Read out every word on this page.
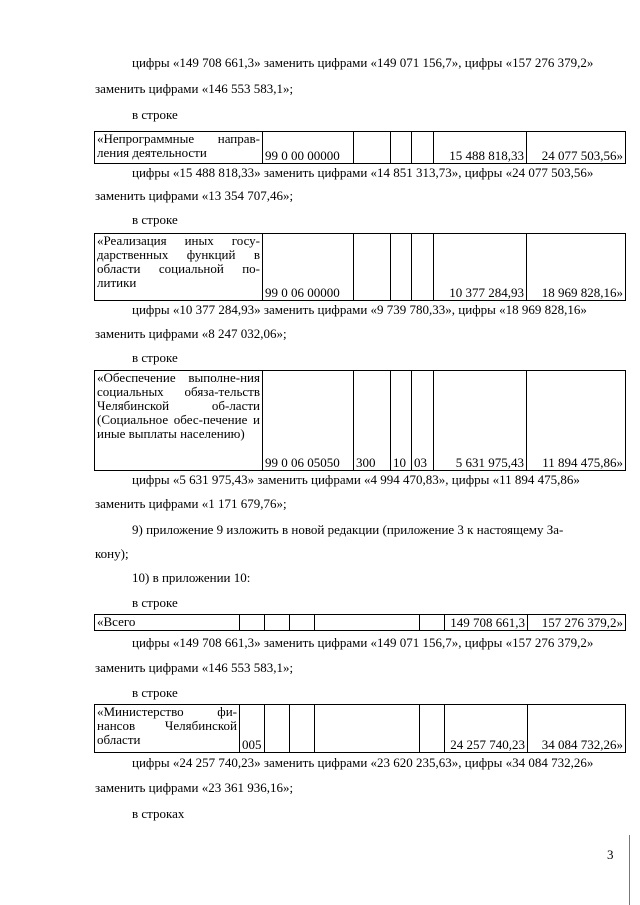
цифры «149 708 661,3» заменить цифрами «149 071 156,7», цифры «157 276 379,2»
заменить цифрами «146 553 583,1»;
в строке
«Непрограммные направ-ления деятельности	99 0 00 00000				15 488 818,33	24 077 503,56»
цифры «15 488 818,33» заменить цифрами «14 851 313,73», цифры «24 077 503,56»
заменить цифрами «13 354 707,46»;
в строке
«Реализация иных госу-дарственных функций в области социальной по-литики	99 0 06 00000				10 377 284,93	18 969 828,16»
цифры «10 377 284,93» заменить цифрами «9 739 780,33», цифры «18 969 828,16»
заменить цифрами «8 247 032,06»;
в строке
«Обеспечение выполне-ния социальных обяза-тельств Челябинской об-ласти (Социальное обес-печение и иные выплаты населению)	99 0 06 05050	300	10	03	5 631 975,43	11 894 475,86»
цифры «5 631 975,43» заменить цифрами «4 994 470,83», цифры «11 894 475,86»
заменить цифрами «1 171 679,76»;
9) приложение 9 изложить в новой редакции (приложение 3 к настоящему За-
кону);
10) в приложении 10:
в строке
«Всего						149 708 661,3	157 276 379,2»
цифры «149 708 661,3» заменить цифрами «149 071 156,7», цифры «157 276 379,2»
заменить цифрами «146 553 583,1»;
в строке
«Министерство фи-нансов Челябинской области	005					24 257 740,23	34 084 732,26»
цифры «24 257 740,23» заменить цифрами «23 620 235,63», цифры «34 084 732,26»
заменить цифрами «23 361 936,16»;
в строках
3
